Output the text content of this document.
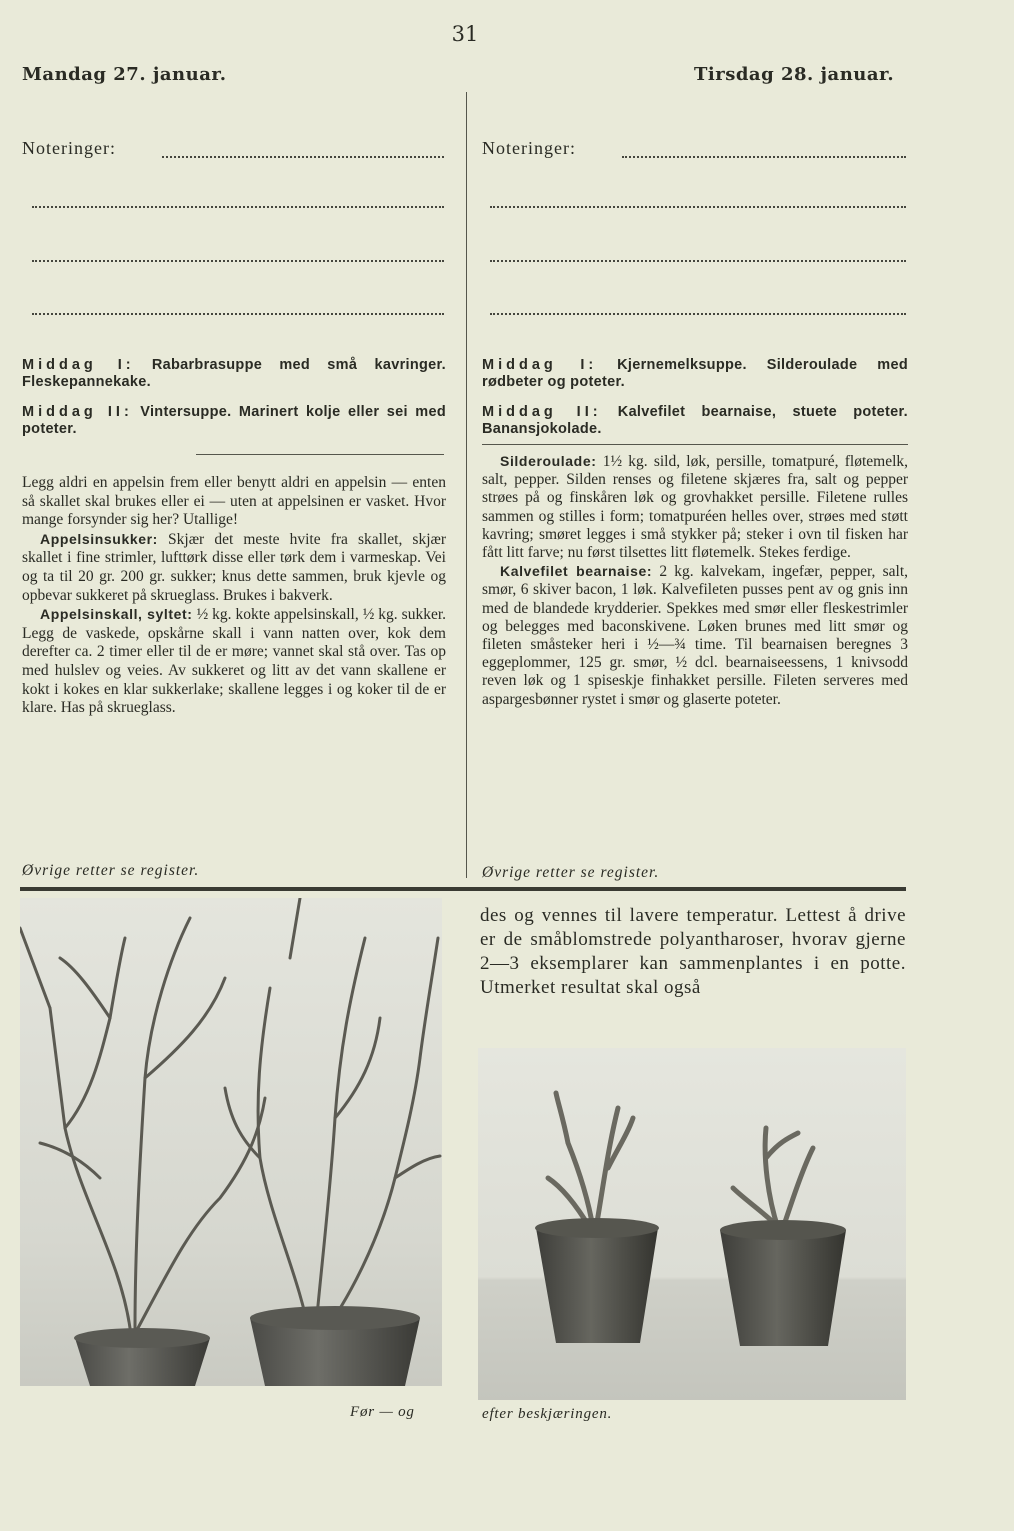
31
Mandag 27. januar.
Noteringer:
Middag I: Rabarbrasuppe med små kavringer. Fleskepannekake.
Middag II: Vintersuppe. Marinert kolje eller sei med poteter.

Legg aldri en appelsin frem eller benytt aldri en appelsin — enten så skallet skal brukes eller ei — uten at appelsinen er vasket. Hvor mange forsynder sig her? Utallige!

Appelsinsukker: Skjær det meste hvite fra skallet, skjær skallet i fine strimler, lufttørk disse eller tørk dem i varmeskap. Vei og ta til 20 gr. 200 gr. sukker; knus dette sammen, bruk kjevle og opbevar sukkeret på skrueglass. Brukes i bakverk.

Appelsinskall, syltet: ½ kg. kokte appelsinskall, ½ kg. sukker. Legg de vaskede, opskårne skall i vann natten over, kok dem derefter ca. 2 timer eller til de er møre; vannet skal stå over. Tas op med hulslev og veies. Av sukkeret og litt av det vann skallene er kokt i kokes en klar sukkerlake; skallene legges i og koker til de er klare. Has på skrueglass.

Øvrige retter se register.
Tirsdag 28. januar.
Noteringer:
Middag I: Kjernemelksuppe. Silderoulade med rødbeter og poteter.
Middag II: Kalvefilet bearnaise, stuete poteter. Banansjokolade.

Silderoulade: 1½ kg. sild, løk, persille, tomatpuré, fløtemelk, salt, pepper. Silden renses og filetene skjæres fra, salt og pepper strøes på og finskåren løk og grovhakket persille. Filetene rulles sammen og stilles i form; tomatpuréen helles over, strøes med støtt kavring; smøret legges i små stykker på; steker i ovn til fisken har fått litt farve; nu først tilsettes litt fløtemelk. Stekes ferdige.

Kalvefilet bearnaise: 2 kg. kalvekam, ingefær, pepper, salt, smør, 6 skiver bacon, 1 løk. Kalvefileten pusses pent av og gnis inn med de blandede krydderier. Spekkes med smør eller fleskestrimler og belegges med baconskivene. Løken brunes med litt smør og fileten småsteker heri i ½—¾ time. Til bearnaisen beregnes 3 eggeplommer, 125 gr. smør, ½ dcl. bearnaiseessens, 1 knivsodd reven løk og 1 spiseskje finhakket persille. Fileten serveres med aspargesbønner rystet i smør og glaserte poteter.

Øvrige retter se register.
des og vennes til lavere temperatur. Lettest å drive er de småblomstrede polyantharoser, hvorav gjerne 2—3 eksemplarer kan sammenplantes i en potte. Utmerket resultat skal også
Før — og	efter beskjæringen.
